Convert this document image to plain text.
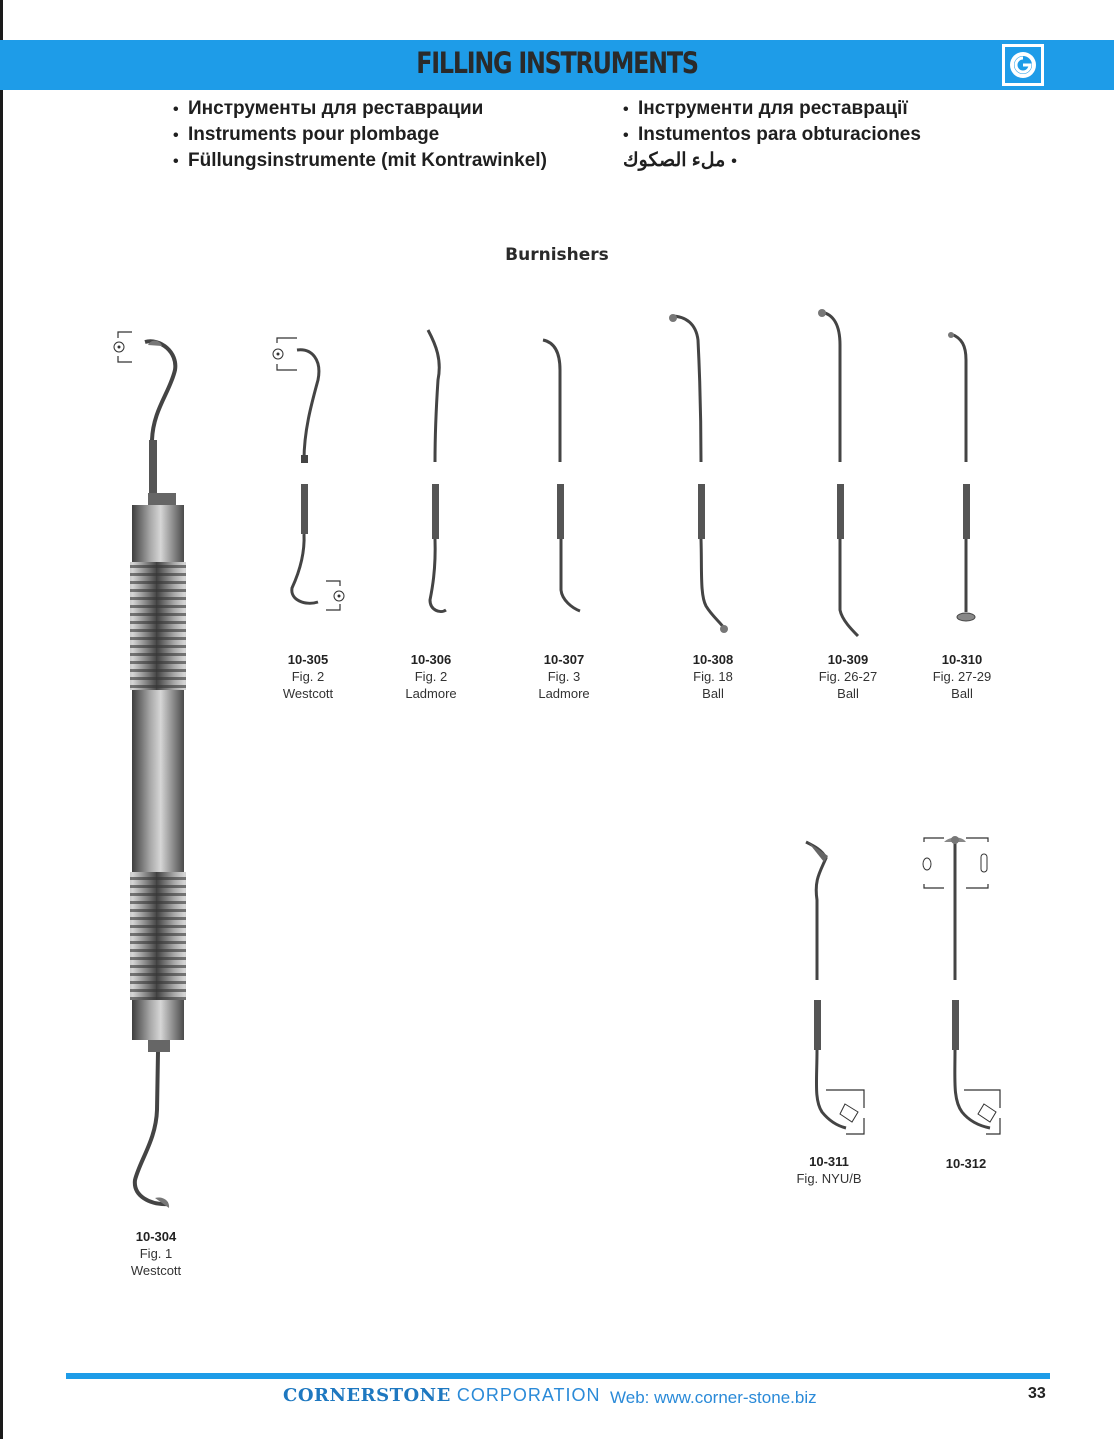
FILLING INSTRUMENTS
• Инструменты для реставрации
• Instruments pour plombage
• Füllungsinstrumente (mit Kontrawinkel)
• Інструменти для реставрації
• Instumentos para obturaciones
ملء الصكوك •
Burnishers
10-304
Fig. 1
Westcott
10-305
Fig. 2
Westcott
10-306
Fig. 2
Ladmore
10-307
Fig. 3
Ladmore
10-308
Fig. 18
Ball
10-309
Fig. 26-27
Ball
10-310
Fig. 27-29
Ball
10-311
Fig. NYU/B
10-312
CORNERSTONE CORPORATION Web: www.corner-stone.biz	33
